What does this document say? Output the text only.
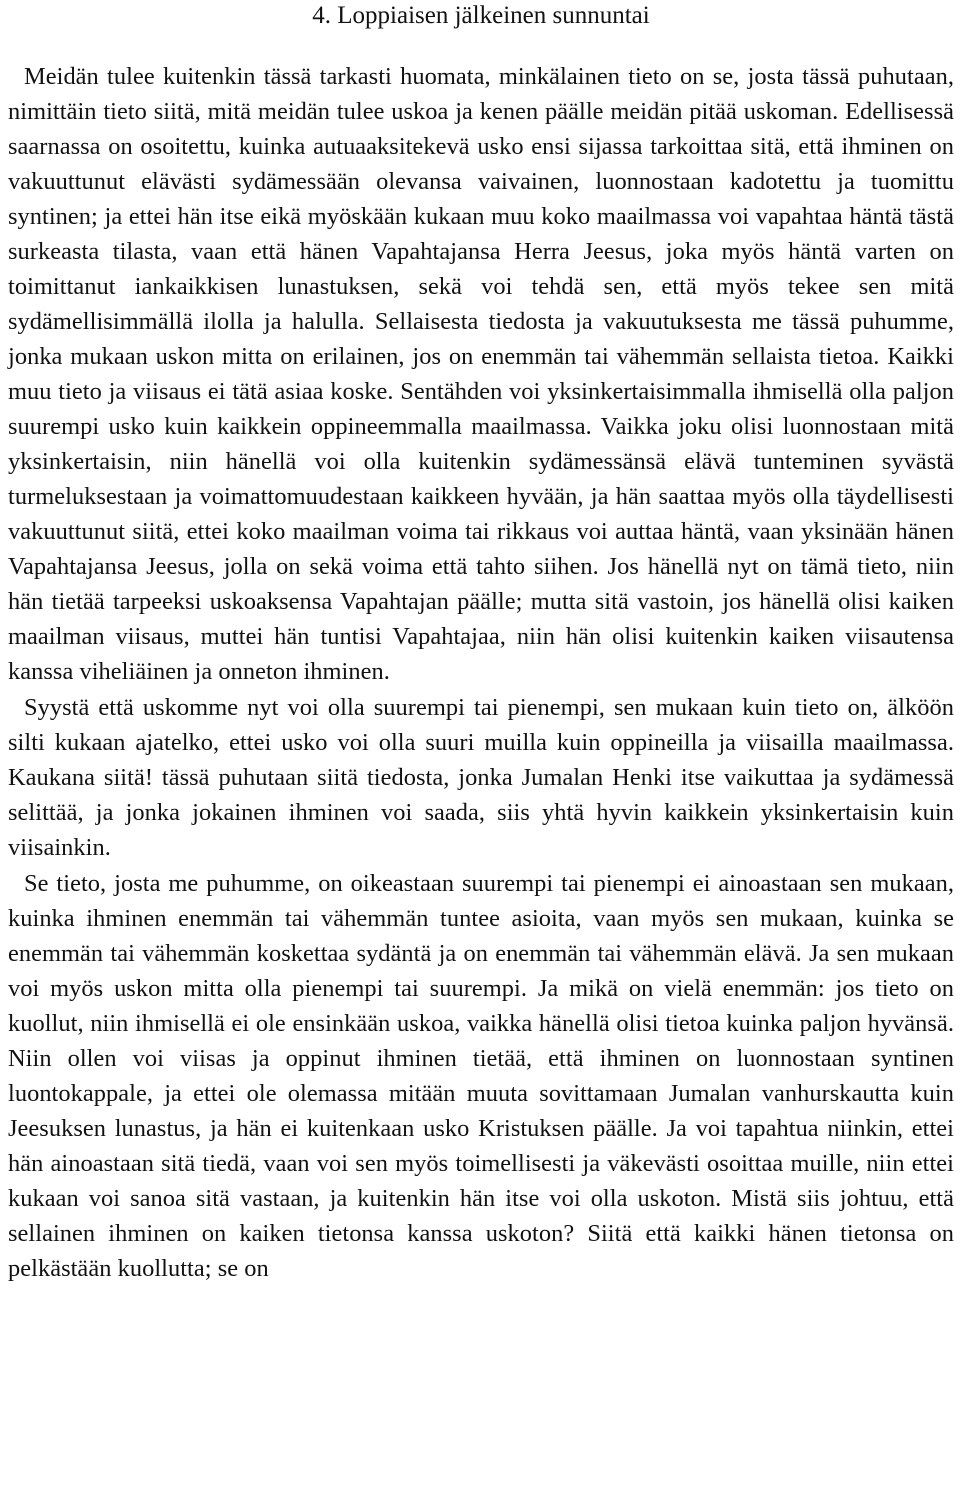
4. Loppiaisen jälkeinen sunnuntai

Meidän tulee kuitenkin tässä tarkasti huomata, minkälainen tieto on se, josta tässä puhutaan, nimittäin tieto siitä, mitä meidän tulee uskoa ja kenen päälle meidän pitää uskoman. Edellisessä saarnassa on osoitettu, kuinka autuaaksitekevä usko ensi sijassa tarkoittaa sitä, että ihminen on vakuuttunut elävästi sydämessään olevansa vaivainen, luonnostaan kadotettu ja tuomittu syntinen; ja ettei hän itse eikä myöskään kukaan muu koko maailmassa voi vapahtaa häntä tästä surkeasta tilasta, vaan että hänen Vapahtajansa Herra Jeesus, joka myös häntä varten on toimittanut iankaikkisen lunastuksen, sekä voi tehdä sen, että myös tekee sen mitä sydämellisimmällä ilolla ja halulla. Sellaisesta tiedosta ja vakuutuksesta me tässä puhumme, jonka mukaan uskon mitta on erilainen, jos on enemmän tai vähemmän sellaista tietoa. Kaikki muu tieto ja viisaus ei tätä asiaa koske. Sentähden voi yksinkertaisimmalla ihmisellä olla paljon suurempi usko kuin kaikkein oppineemmalla maailmassa. Vaikka joku olisi luonnostaan mitä yksinkertaisin, niin hänellä voi olla kuitenkin sydämessänsä elävä tunteminen syvästä turmeluksestaan ja voimattomuudestaan kaikkeen hyvään, ja hän saattaa myös olla täydellisesti vakuuttunut siitä, ettei koko maailman voima tai rikkaus voi auttaa häntä, vaan yksinään hänen Vapahtajansa Jeesus, jolla on sekä voima että tahto siihen. Jos hänellä nyt on tämä tieto, niin hän tietää tarpeeksi uskoaksensa Vapahtajan päälle; mutta sitä vastoin, jos hänellä olisi kaiken maailman viisaus, muttei hän tuntisi Vapahtajaa, niin hän olisi kuitenkin kaiken viisautensa kanssa viheliäinen ja onneton ihminen.

Syystä että uskomme nyt voi olla suurempi tai pienempi, sen mukaan kuin tieto on, älköön silti kukaan ajatelko, ettei usko voi olla suuri muilla kuin oppineilla ja viisailla maailmassa. Kaukana siitä! tässä puhutaan siitä tiedosta, jonka Jumalan Henki itse vaikuttaa ja sydämessä selittää, ja jonka jokainen ihminen voi saada, siis yhtä hyvin kaikkein yksinkertaisin kuin viisainkin.

Se tieto, josta me puhumme, on oikeastaan suurempi tai pienempi ei ainoastaan sen mukaan, kuinka ihminen enemmän tai vähemmän tuntee asioita, vaan myös sen mukaan, kuinka se enemmän tai vähemmän koskettaa sydäntä ja on enemmän tai vähemmän elävä. Ja sen mukaan voi myös uskon mitta olla pienempi tai suurempi. Ja mikä on vielä enemmän: jos tieto on kuollut, niin ihmisellä ei ole ensinkään uskoa, vaikka hänellä olisi tietoa kuinka paljon hyvänsä. Niin ollen voi viisas ja oppinut ihminen tietää, että ihminen on luonnostaan syntinen luontokappale, ja ettei ole olemassa mitään muuta sovittamaan Jumalan vanhurskautta kuin Jeesuksen lunastus, ja hän ei kuitenkaan usko Kristuksen päälle. Ja voi tapahtua niinkin, ettei hän ainoastaan sitä tiedä, vaan voi sen myös toimellisesti ja väkevästi osoittaa muille, niin ettei kukaan voi sanoa sitä vastaan, ja kuitenkin hän itse voi olla uskoton. Mistä siis johtuu, että sellainen ihminen on kaiken tietonsa kanssa uskoton? Siitä että kaikki hänen tietonsa on pelkästään kuollutta; se on
